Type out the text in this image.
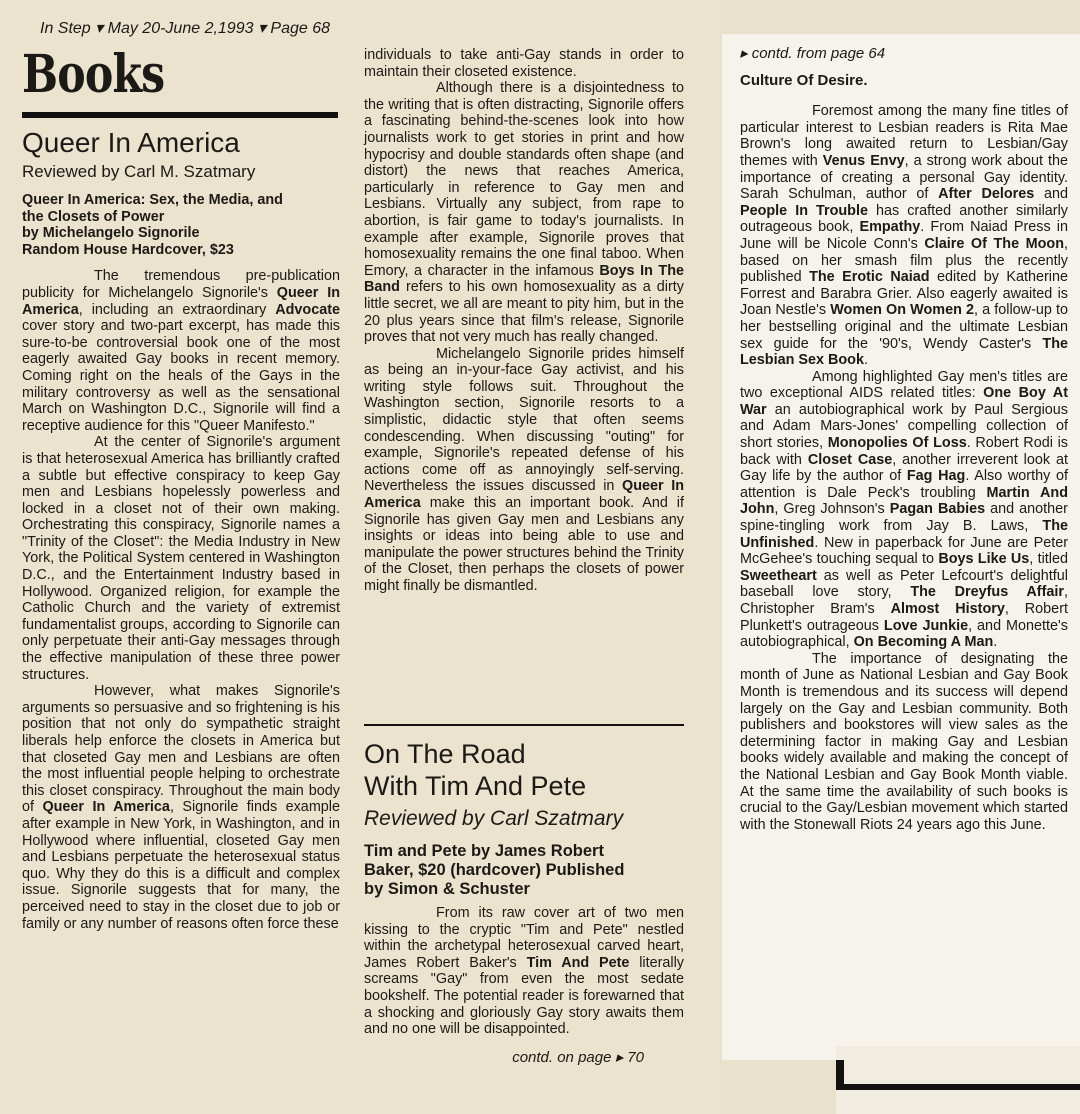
In Step ▾ May 20-June 2,1993 ▾ Page 68
Books
Queer In America
Reviewed by Carl M. Szatmary
Queer In America: Sex, the Media, and
the Closets of Power
by Michelangelo Signorile
Random House Hardcover, $23

The tremendous pre-publication publicity for Michelangelo Signorile's Queer In America, including an extraordinary Advocate cover story and two-part excerpt, has made this sure-to-be controversial book one of the most eagerly awaited Gay books in recent memory. Coming right on the heals of the Gays in the military controversy as well as the sensational March on Washington D.C., Signorile will find a receptive audience for this "Queer Manifesto."

At the center of Signorile's argument is that heterosexual America has brilliantly crafted a subtle but effective conspiracy to keep Gay men and Lesbians hopelessly powerless and locked in a closet not of their own making. Orchestrating this conspiracy, Signorile names a "Trinity of the Closet": the Media Industry in New York, the Political System centered in Washington D.C., and the Entertainment Industry based in Hollywood. Organized religion, for example the Catholic Church and the variety of extremist fundamentalist groups, according to Signorile can only perpetuate their anti-Gay messages through the effective manipulation of these three power structures.

However, what makes Signorile's arguments so persuasive and so frightening is his position that not only do sympathetic straight liberals help enforce the closets in America but that closeted Gay men and Lesbians are often the most influential people helping to orchestrate this closet conspiracy. Throughout the main body of Queer In America, Signorile finds example after example in New York, in Washington, and in Hollywood where influential, closeted Gay men and Lesbians perpetuate the heterosexual status quo. Why they do this is a difficult and complex issue. Signorile suggests that for many, the perceived need to stay in the closet due to job or family or any number of reasons often force these

individuals to take anti-Gay stands in order to maintain their closeted existence.

Although there is a disjointedness to the writing that is often distracting, Signorile offers a fascinating behind-the-scenes look into how journalists work to get stories in print and how hypocrisy and double standards often shape (and distort) the news that reaches America, particularly in reference to Gay men and Lesbians. Virtually any subject, from rape to abortion, is fair game to today's journalists. In example after example, Signorile proves that homosexuality remains the one final taboo. When Emory, a character in the infamous Boys In The Band refers to his own homosexuality as a dirty little secret, we all are meant to pity him, but in the 20 plus years since that film's release, Signorile proves that not very much has really changed.

Michelangelo Signorile prides himself as being an in-your-face Gay activist, and his writing style follows suit. Throughout the Washington section, Signorile resorts to a simplistic, didactic style that often seems condescending. When discussing "outing" for example, Signorile's repeated defense of his actions come off as annoyingly self-serving. Nevertheless the issues discussed in Queer In America make this an important book. And if Signorile has given Gay men and Lesbians any insights or ideas into being able to use and manipulate the power structures behind the Trinity of the Closet, then perhaps the closets of power might finally be dismantled.

On The Road
With Tim And Pete
Reviewed by Carl Szatmary
Tim and Pete by James Robert
Baker, $20 (hardcover) Published
by Simon & Schuster

From its raw cover art of two men kissing to the cryptic "Tim and Pete" nestled within the archetypal heterosexual carved heart, James Robert Baker's Tim And Pete literally screams "Gay" from even the most sedate bookshelf. The potential reader is forewarned that a shocking and gloriously Gay story awaits them and no one will be disappointed.

contd. on page ▸ 70
▸ contd. from page 64
Culture Of Desire.

Foremost among the many fine titles of particular interest to Lesbian readers is Rita Mae Brown's long awaited return to Lesbian/Gay themes with Venus Envy, a strong work about the importance of creating a personal Gay identity. Sarah Schulman, author of After Delores and People In Trouble has crafted another similarly outrageous book, Empathy. From Naiad Press in June will be Nicole Conn's Claire Of The Moon, based on her smash film plus the recently published The Erotic Naiad edited by Katherine Forrest and Barabra Grier. Also eagerly awaited is Joan Nestle's Women On Women 2, a follow-up to her bestselling original and the ultimate Lesbian sex guide for the '90's, Wendy Caster's The Lesbian Sex Book.

Among highlighted Gay men's titles are two exceptional AIDS related titles: One Boy At War an autobiographical work by Paul Sergious and Adam Mars-Jones' compelling collection of short stories, Monopolies Of Loss. Robert Rodi is back with Closet Case, another irreverent look at Gay life by the author of Fag Hag. Also worthy of attention is Dale Peck's troubling Martin And John, Greg Johnson's Pagan Babies and another spine-tingling work from Jay B. Laws, The Unfinished. New in paperback for June are Peter McGehee's touching sequal to Boys Like Us, titled Sweetheart as well as Peter Lefcourt's delightful baseball love story, The Dreyfus Affair, Christopher Bram's Almost History, Robert Plunkett's outrageous Love Junkie, and Monette's autobiographical, On Becoming A Man.

The importance of designating the month of June as National Lesbian and Gay Book Month is tremendous and its success will depend largely on the Gay and Lesbian community. Both publishers and bookstores will view sales as the determining factor in making Gay and Lesbian books widely available and making the concept of the National Lesbian and Gay Book Month viable. At the same time the availability of such books is crucial to the Gay/Lesbian movement which started with the Stonewall Riots 24 years ago this June.
